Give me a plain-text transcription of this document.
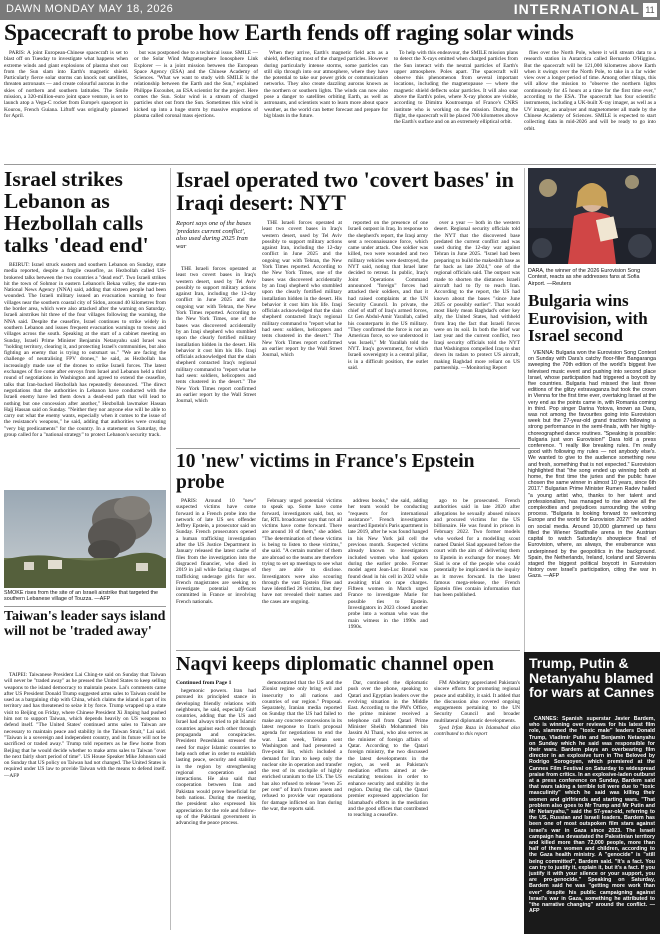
DAWN MONDAY MAY 18, 2026	INTERNATIONAL 11
Spacecraft to probe how Earth fends off raging solar winds

PARIS: A joint European-Chinese spacecraft is set to blast off on Tuesday to investigate what happens when extreme winds and giant explosions of plasma shot out from the Sun slam into Earth's magnetic shield. Particularly fierce solar storms can knock out satellites, threaten astronauts — and create colourful auroras in the skies of northern and southern latitudes. The Smile mission, a 320-million-euro joint space venture, is set to launch atop a Vega-C rocket from Europe's spaceport in Kourou, French Guiana. Liftoff was originally planned for April.

but was postponed due to a technical issue. SMILE — or the Solar Wind Magnetosphere Ionosphere Link Explorer — is a joint mission between the European Space Agency (ESA) and the Chinese Academy of Sciences. "What we want to study with SMILE is the relationship between the Earth and the Sun," explained Philippe Escoubet, an ESA scientist for the project. Here comes the Sun. Solar wind is a stream of charged particles shot out from the Sun. Sometimes this wind is kicked up into a huge storm by massive eruptions of plasma called coronal mass ejections.

When they arrive, Earth's magnetic field acts as a shield, deflecting most of the charged particles. However during particularly intense storms, some particles can still slip through into our atmosphere, where they have the potential to take our power grids or communication networks. They also create dazzling auroras known as the northern or southern lights. The winds can now also pose a danger to satellites orbiting Earth, as well as astronauts, and scientists want to learn more about space weather, as the world can better forecast and prepare for big blasts in the future.

To help with this endeavour, the SMILE mission plans to detect the X-rays emitted when charged particles from the Sun interact with the neutral particles of Earth's upper atmosphere. Poles apart. The spacecraft will observe this phenomenon from several important locations, including the magnetopause — where the magnetic shield deflects solar particles. It will also soar above the Earth's poles, where X-ray photos are visible, according to Dimitra Koutroumpa of France's CNRS institute who is working on the mission. During the flight, the spacecraft will be placed 700 kilometres above the Earth's surface and on an extremely elliptical orbit.

flies over the North Pole, where it will stream data to a research station in Antarctica called Bernardo O'Higgins. But the spacecraft will be 121,000 kilometres above Earth when it swings over the North Pole, to take in a far wider view over a longer period of time. Among other things, this will allow the mission to "observe the northern lights continuously for 45 hours at a time for the first time ever," according to the ESA. The spacecraft has four scientific instruments, including a UK-built X-ray imager, as well as a UV imager, an analyser and magnetometer all made by the Chinese Academy of Sciences. SMILE is expected to start collecting data in mid-2026 and will be ready to go into orbit.

Israel strikes Lebanon as Hezbollah calls talks 'dead end'

BEIRUT: Israel struck eastern and southern Lebanon on Sunday, state media reported, despite a fragile ceasefire, as Hezbollah called US-brokered talks between the two countries a "dead end". Two Israeli strikes hit the town of Sohmor in eastern Lebanon's Bekaa valley, the state-run National News Agency (NNA) said, adding that sixteen people had been wounded. The Israeli military issued an evacuation warning to four villages near the southern coastal city of Sidon, around 40 kilometres from the border area, which were also attacked after the warning on Saturday. Israeli airstrikes hit three of the four villages following the warning, the NNA said. Despite the ceasefire, Israel continues to strike widely in southern Lebanon and issues frequent evacuation warnings to towns and villages across the south. Speaking at the start of a cabinet meeting on Sunday, Israeli Prime Minister Benjamin Netanyahu said Israel was "holding territory, clearing it, and protecting Israel's communities, but also fighting an enemy that is trying to outsmart us." "We are facing the challenge of neutralising FPV drones," he said, as Hezbollah has increasingly made use of the drones to strike Israeli forces. The latest exchanges of fire come after envoys from Israel and Lebanon held a third round of negotiations in Washington and agreed to extend the ceasefire, talks that Iran-backed Hezbollah has repeatedly denounced. "The direct negotiations that the authorities in Lebanon have conducted with the Israeli enemy have led them down a dead-end path that will lead to nothing but one concession after another," Hezbollah lawmaker Hassan Hajj Hassan said on Sunday. "Neither they nor anyone else will be able to carry out what the enemy wants, especially when it comes to the issue of the resistance's weapons," he said, adding that authorities were creating "very big predicaments" for the country. In a statement on Saturday, the group called for a "national strategy" to protect Lebanon's security track.

SMOKE rises from the site of an Israeli airstrike that targeted the southern Lebanese village of Touzza. —AFP
Taiwan's leader says island will not be 'traded away'

TAIPEI: Taiwanese President Lai Ching-te said on Sunday that Taiwan will never be "traded away" as he pressed the United States to keep selling weapons to the island democracy to maintain peace. Lai's comments came after US President Donald Trump suggested arms sales to Taiwan could be used as a bargaining chip with China, which claims the island is part of its territory and has threatened to seize it by force. Trump wrapped up a state visit to Beijing on Friday, where Chinese President Xi Jinping had pushed him not to support Taiwan, which depends heavily on US weapons to defend itself. "The United States' continued arms sales to Taiwan are necessary to maintain peace and stability in the Taiwan Strait," Lai said. "Taiwan is a sovereign and independent country, and its future will not be sacrificed or traded away." Trump told reporters as he flew home from Beijing that he would decide whether to make arms sales to Taiwan "over the next fairly short period of time". US House Speaker Mike Johnson said on Sunday that US policy on Taiwan had not changed. The United States is required under US law to provide Taiwan with the means to defend itself. —AFP

Israel operated two 'covert bases' in Iraqi desert: NYT
Report says one of the bases 'predates current conflict', also used during 2025 Iran war

THE Israeli forces operated at least two covert bases in Iraq's western desert, used by Tel Aviv possibly to support military actions against Iran, including the 12-day conflict in June 2025 and the ongoing war with Tehran, the New York Times reported. According to the New York Times, one of the bases was discovered accidentally by an Iraqi shepherd who stumbled upon the clearly fortified military installation hidden in the desert. His behavior it cost him his life. Iraqi officials acknowledged that the slain shepherd contacted Iraq's regional military command to "report what he had seen: soldiers, helicopters and tents clustered in the desert." The New York Times report confirmed an earlier report by the Wall Street Journal, which

THE Israeli forces operated at least two covert bases in Iraq's western desert, used by Tel Aviv possibly to support military actions against Iran, including the 12-day conflict in June 2025 and the ongoing war with Tehran, the New York Times reported. According to the New York Times, one of the bases was discovered accidentally by an Iraqi shepherd who stumbled upon the clearly fortified military installation hidden in the desert. His behavior it cost him his life. Iraqi officials acknowledged that the slain shepherd contacted Iraq's regional military command to "report what he had seen: soldiers, helicopters and tents clustered in the desert." The New York Times report confirmed an earlier report by the Wall Street Journal, which

reported on the presence of one Israeli outpost in Iraq. In response to the shepherd's report, the Iraqi army sent a reconnaissance force, which came under attack. One soldier was killed, two were wounded and two military vehicles were destroyed, the NYT said, noting that Israel later decided to retreat. In public, Iraq's Joint Operations Command announced "foreign" forces had attacked their soldiers, and that it had raised complaints at the UN Security Council. In private, the chief of staff of Iraq's armed forces, Lt Gen Abdul-Amir Yarallah, called his counterparts in the US military. "They confirmed the force is not an American force, so we understood it was Israeli," Mr Yarallah told the NYT. Iraq's government, for which Israeli sovereignty is a central pillar, is in a difficult position, the outlet said.

over a year — both in the western desert. Regional security officials told the NYT that the discovered base predated the current conflict and was used during the 12-day war against Tehran in June 2025. "Israel had been preparing to build the makeshift base as far back as late 2024," one of the regional officials said. The outpost was made to shorten the distances Israeli aircraft had to fly to reach Iran. According to the report, the US had known about the bases "since June 2025 or possibly earlier". That would most likely mean Baghdad's other key ally, the United States, had withheld from Iraq the fact that Israeli forces were on its soil. In both the brief war last year and the current conflict, two Iraqi security officials told the NYT that Washington compelled Iraq to shut down its radars to protect US aircraft, making Baghdad more reliant on US partnership. —Monitoring Report

10 'new' victims in France's Epstein probe

PARIS: Around 10 "new" suspected victims have come forward in a French probe into the network of late US sex offender Jeffrey Epstein, a prosecutor said on Sunday. French prosecutors opened a human trafficking investigation after the US Justice Department in January released the latest cache of files from the investigation into the disgraced financier, who died in 2019 in jail while facing charges of trafficking underage girls for sex. French magistrates are seeking to investigate potential offences committed in France or involving French nationals.

February urged potential victims to speak up. Some have come forward, investigators said, but, so far, RTL broadcaster says that not all victims have come forward. There are around 10 of them," she added. "The determination of these victims is being to listen to these victims," she said. "A certain number of them are abroad so the teams are therefore trying to set up meetings to see what they are able to disclose. Investigators were also scouring through the vast Epstein files and have identified 26 victims, but they have not revealed their names and the cases are ongoing.

address books," she said, adding her team would be conducting "requests for international assistance". French investigators searched Epstein's Paris apartment in late 2019, after he was found hanged in his New York jail cell the previous month. Suspected victims already known to investigators included women who had spoken during the earlier probe. Former model agent Jean-Luc Brunel was found dead in his cell in 2022 while awaiting trial on rape charges. Fifteen women in March urged France to investigate Marie for possible ties to Epstein. Investigators in 2023 closed another probe into a woman who was the main witness in the 1990s and 1990s.

ago to be prosecuted. French authorities said in late 2020 after allegations he sexually abused minors and procured victims for the US billionaire. He was found in prison in February 2022. Two former models who worked for a modelling scout named Daniel Siad appeared before the court with the aim of delivering them to Epstein in exchange for money. Mr Siad is one of the people who could potentially be implicated in the inquiry as it moves forward. In the latest famous mega-release, the French Epstein files contain information that has been published.

DARA, the winner of the 2026 Eurovision Song Contest, reacts as she addresses fans at Sofia Airport. —Reuters
Bulgaria wins Eurovision, with Israel second

VIENNA: Bulgaria won the Eurovision Song Contest on Sunday with Dara's catchy floor-filler Bangaranga sweeping the 70th edition of the world's biggest live televised music event and pushing into second place Israel, whose participation had triggered a boycott by five countries. Bulgaria had missed the last three editions of the glitzy extravaganza but took the crown in Vienna for the first time ever, overtaking Israel at the very end as the points came in, with Romania coming in third. Pop singer Darina Yotova, known as Dara, was not among the favourites going into Eurovision week but the 27-year-old grand traction following a strong performance in the semi-finals, with her highly-choreographed dance routines. "Speaking is possible: Bulgaria just won Eurovision!" Dara told a press conference. "I really like breaking rules. I'm really good with following my rules — not anybody else's. We wanted to give to the audience something new and fresh, something that is not expected." Eurovision highlighted that "the song ended up winning both at home, the first time the juries and the public have chosen the same winner in almost 10 years, since 6th 2017." Bulgarian Prime Minister Rumen Radev hailed "a young artist who, thanks to her talent and professionalism, has managed to rise above all the complexities and prejudices surrounding the voting process. "Bulgaria is looking forward to welcoming Europe and the world for Eurovision 2027!" he added on social media. Around 10,000 glammed up fans filled the Wiener Stadthalle arena in the Austrian capital to watch Saturday's showpiece final of Eurovision, where, as always, the exuberance was underpinned by the geopolitics in the background. Spain, the Netherlands, Ireland, Iceland and Slovenia staged the biggest political boycott in Eurovision history over Israel's participation, citing the war in Gaza. —AFP

Naqvi keeps diplomatic channel open
Continued from Page 1

hegemonic powers. Iran had pursued its principled stance in developing friendly relations with neighbours, he said, especially Gulf countries, adding that the US and Israel had always tried to pit Islamic countries against each other through propaganda and conspiracies. President Pezeshkian stressed the need for major Islamic countries to help each other in order to establish lasting peace, security and stability in the region by strengthening regional cooperation and interactions. He also said that cooperation between Iran and Pakistan would prove beneficial for both nations. During the meeting, the president also expressed his appreciation for the role and follow-up of the Pakistani government in advancing the peace process.

demonstrated that the US and the Zionist regime only bring evil and insecurity to all nations and countries of our region." Proposal. Separately, Iranian media reported on Sunday that the US had failed to make any concrete concessions in its latest response to Iran's proposal agenda for negotiations to end the war. Last week, Tehran sent Washington and had presented a five-point list, which included a demand for Iran to keep only the nuclear site in operation and transfer the rest of its stockpile of highly enriched uranium to the US. The US has also refused to release "even 25 per cent" of Iran's frozen assets and refused to provide war reparations for damage inflicted on Iran during the war, the reports said.

Dar, continued the diplomatic push over the phone, speaking to Qatari and Egyptian leaders over the evolving situation in the Middle East. According to the PM's Office, the prime minister received a telephone call from Qatari Prime Minister Sheikh Mohammed bin Jassim Al Thani, who also serves as the minister of foreign affairs of Qatar. According to the Qatari foreign ministry, the two discussed the latest developments in the region, as well as Pakistan's mediation efforts aimed at de-escalating tensions in order to enhance security and stability in the region. During the call, the Qatari premier expressed appreciation for Islamabad's efforts in the mediation and the good offices that contributed to reaching a ceasefire.

FM Abdelatty appreciated Pakistan's sincere efforts for promoting regional peace and stability, it said. It added that the discussion also covered ongoing engagements pertaining to the UN Security Council and broader multilateral diplomatic developments.

Syed Irfan Raza in Islamabad also contributed to this report

Trump, Putin & Netanyahu blamed for wars at Cannes

CANNES: Spanish superstar Javier Bardem, who is winning over reviews for his latest film role, slammed the "toxic male" leaders Donald Trump, Vladimir Putin and Benjamin Netanyahu on Sunday which he said was responsible for their wars. Bardem plays an overbearing film director in an explosive turn in The Beloved by Rodrigo Sorogoyen, which premiered at the Cannes Film Festival on Saturday to widespread praise from critics. In an explosive-laden outburst at a press conference on Sunday, Bardem said that wars taking a terrible toll were due to "toxic masculinity" which he said was killing their women and girlfriends and starting wars. "That problem also goes to Mr Trump and Mr Putin and Mr Netanyahu," said the 57-year-old, referring to the US, Russian and Israeli leaders. Bardem has been one of most outspoken film stars against Israel's war in Gaza since 2023. The Israeli campaign has devastated the Palestinian territory and killed more than 72,000 people, more than half of them women and children, according to the Gaza health ministry. A "genocide" is "still being committed", Bardem said. "It's a fact. You can try to justify it, explain it, but it's a fact. If you justify it with your silence or your support, you are pro-genocide." Speaking on Saturday, Bardem said he was "getting more work than ever" despite his public campaigning against Israel's war in Gaza, something he attributed to "the narrative changing" around the conflict. —AFP
